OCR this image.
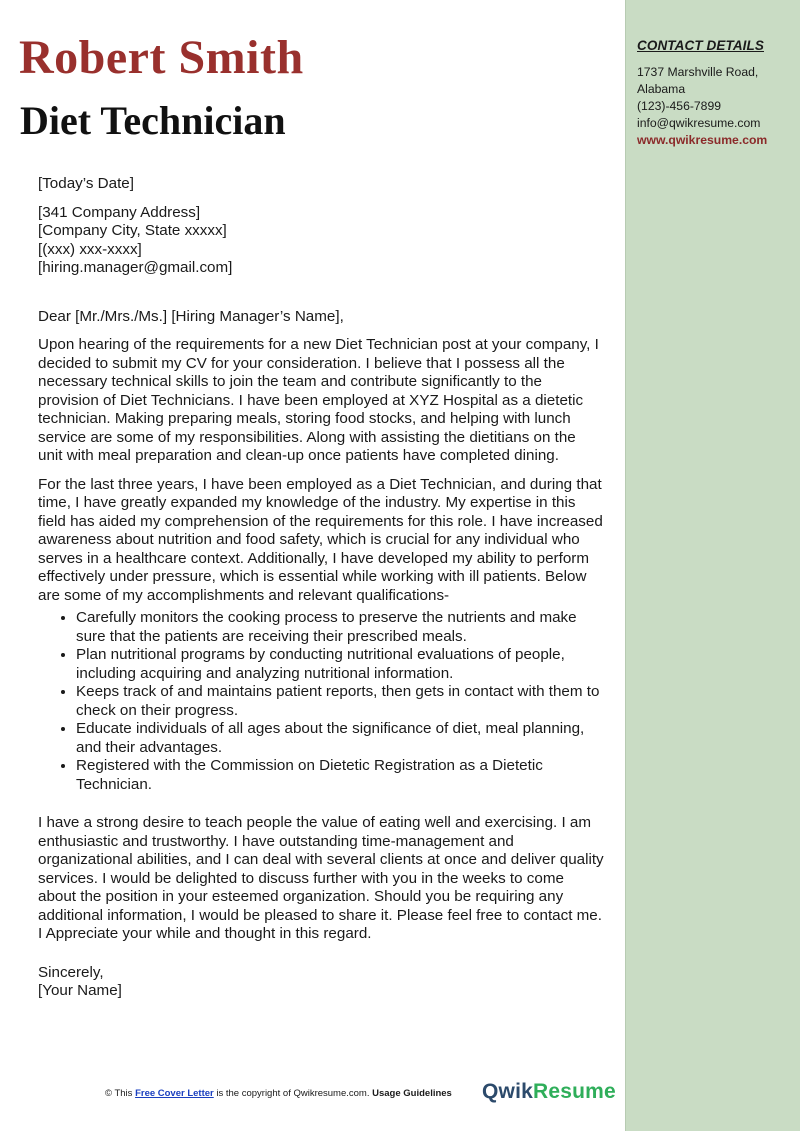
CONTACT DETAILS
1737 Marshville Road,
Alabama
(123)-456-7899
info@qwikresume.com
www.qwikresume.com
Robert Smith
Diet Technician

[Today’s Date]

[341 Company Address]

[Company City, State xxxxx]

[(xxx) xxx-xxxx]

[hiring.manager@gmail.com]

Dear [Mr./Mrs./Ms.] [Hiring Manager’s Name],

Upon hearing of the requirements for a new Diet Technician post at your company, I decided to submit my CV for your consideration. I believe that I possess all the necessary technical skills to join the team and contribute significantly to the provision of Diet Technicians. I have been employed at XYZ Hospital as a dietetic technician. Making preparing meals, storing food stocks, and helping with lunch service are some of my responsibilities. Along with assisting the dietitians on the unit with meal preparation and clean-up once patients have completed dining.

For the last three years, I have been employed as a Diet Technician, and during that time, I have greatly expanded my knowledge of the industry. My expertise in this field has aided my comprehension of the requirements for this role. I have increased awareness about nutrition and food safety, which is crucial for any individual who serves in a healthcare context. Additionally, I have developed my ability to perform effectively under pressure, which is essential while working with ill patients. Below are some of my accomplishments and relevant qualifications-

• Carefully monitors the cooking process to preserve the nutrients and make sure that the patients are receiving their prescribed meals.
• Plan nutritional programs by conducting nutritional evaluations of people, including acquiring and analyzing nutritional information.
• Keeps track of and maintains patient reports, then gets in contact with them to check on their progress.
• Educate individuals of all ages about the significance of diet, meal planning, and their advantages.
• Registered with the Commission on Dietetic Registration as a Dietetic Technician.

I have a strong desire to teach people the value of eating well and exercising. I am enthusiastic and trustworthy. I have outstanding time-management and organizational abilities, and I can deal with several clients at once and deliver quality services. I would be delighted to discuss further with you in the weeks to come about the position in your esteemed organization. Should you be requiring any additional information, I would be pleased to share it. Please feel free to contact me. I Appreciate your while and thought in this regard.

Sincerely,

[Your Name]

© This Free Cover Letter is the copyright of Qwikresume.com. Usage Guidelines QwikResume
